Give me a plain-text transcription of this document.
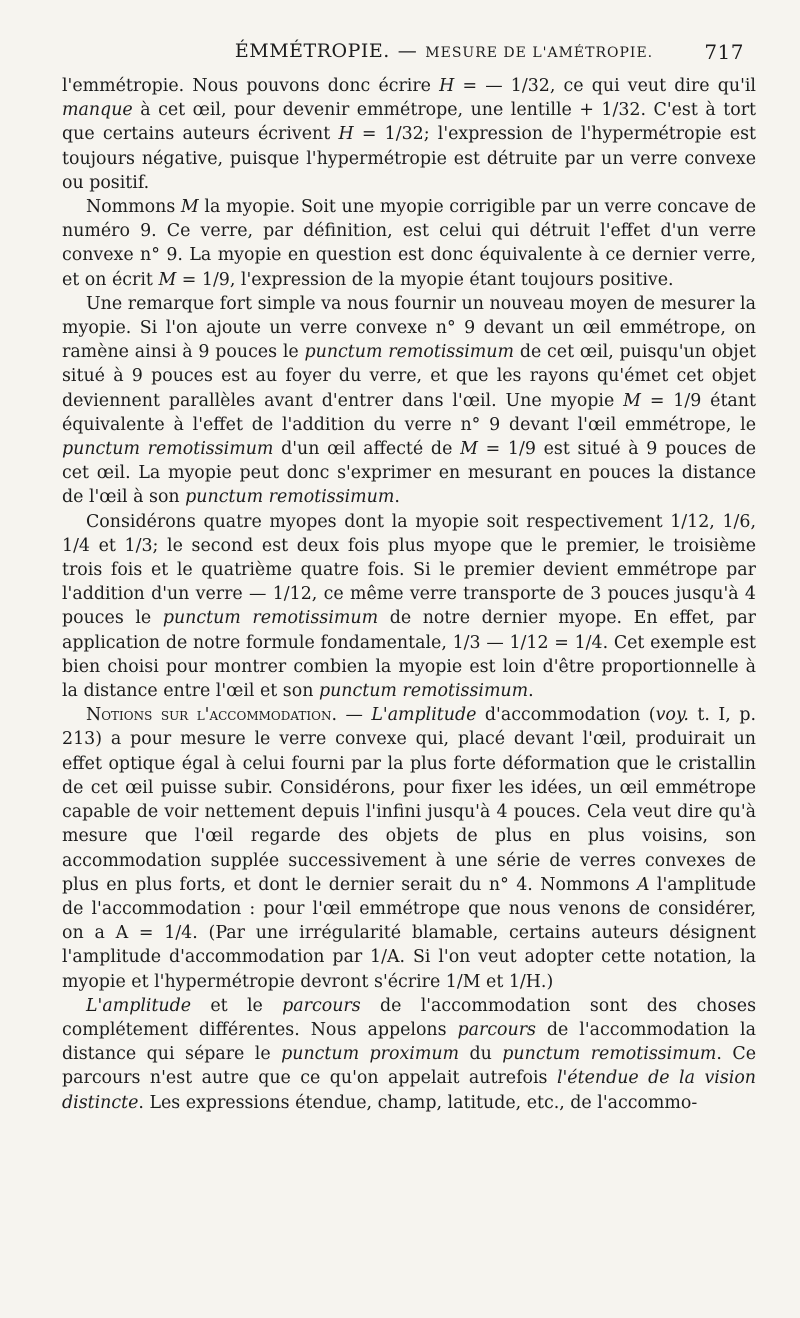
ÉMMÉTROPIE. — MESURE DE L'AMÉTROPIE.	717

l'emmétropie. Nous pouvons donc écrire H = — 1/32, ce qui veut dire qu'il manque à cet œil, pour devenir emmétrope, une lentille + 1/32. C'est à tort que certains auteurs écrivent H = 1/32; l'expression de l'hypermétropie est toujours négative, puisque l'hypermétropie est détruite par un verre convexe ou positif.

Nommons M la myopie. Soit une myopie corrigible par un verre concave de numéro 9. Ce verre, par définition, est celui qui détruit l'effet d'un verre convexe n° 9. La myopie en question est donc équivalente à ce dernier verre, et on écrit M = 1/9, l'expression de la myopie étant toujours positive.

Une remarque fort simple va nous fournir un nouveau moyen de mesurer la myopie. Si l'on ajoute un verre convexe n° 9 devant un œil emmétrope, on ramène ainsi à 9 pouces le punctum remotissimum de cet œil, puisqu'un objet situé à 9 pouces est au foyer du verre, et que les rayons qu'émet cet objet deviennent parallèles avant d'entrer dans l'œil. Une myopie M = 1/9 étant équivalente à l'effet de l'addition du verre n° 9 devant l'œil emmétrope, le punctum remotissimum d'un œil affecté de M = 1/9 est situé à 9 pouces de cet œil. La myopie peut donc s'exprimer en mesurant en pouces la distance de l'œil à son punctum remotissimum.

Considérons quatre myopes dont la myopie soit respectivement 1/12, 1/6, 1/4 et 1/3; le second est deux fois plus myope que le premier, le troisième trois fois et le quatrième quatre fois. Si le premier devient emmétrope par l'addition d'un verre — 1/12, ce même verre transporte de 3 pouces jusqu'à 4 pouces le punctum remotissimum de notre dernier myope. En effet, par application de notre formule fondamentale, 1/3 — 1/12 = 1/4. Cet exemple est bien choisi pour montrer combien la myopie est loin d'être proportionnelle à la distance entre l'œil et son punctum remotissimum.

Notions sur l'accommodation. — L'amplitude d'accommodation (voy. t. I, p. 213) a pour mesure le verre convexe qui, placé devant l'œil, produirait un effet optique égal à celui fourni par la plus forte déformation que le cristallin de cet œil puisse subir. Considérons, pour fixer les idées, un œil emmétrope capable de voir nettement depuis l'infini jusqu'à 4 pouces. Cela veut dire qu'à mesure que l'œil regarde des objets de plus en plus voisins, son accommodation supplée successivement à une série de verres convexes de plus en plus forts, et dont le dernier serait du n° 4. Nommons A l'amplitude de l'accommodation : pour l'œil emmétrope que nous venons de considérer, on a A = 1/4. (Par une irrégularité blamable, certains auteurs désignent l'amplitude d'accommodation par 1/A. Si l'on veut adopter cette notation, la myopie et l'hypermétropie devront s'écrire 1/M et 1/H.)

L'amplitude et le parcours de l'accommodation sont des choses complétement différentes. Nous appelons parcours de l'accommodation la distance qui sépare le punctum proximum du punctum remotissimum. Ce parcours n'est autre que ce qu'on appelait autrefois l'étendue de la vision distincte. Les expressions étendue, champ, latitude, etc., de l'accommo-
